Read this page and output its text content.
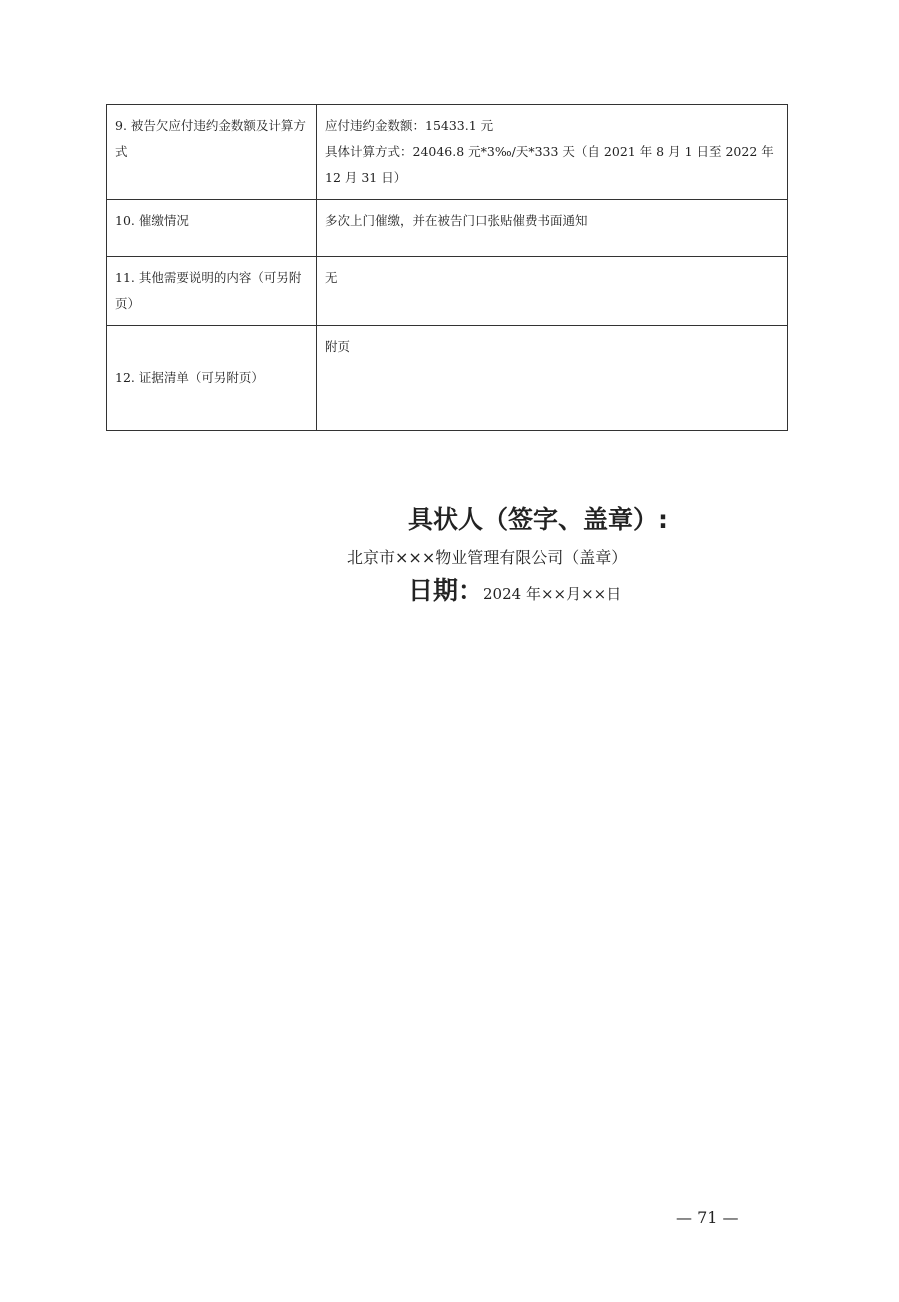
9. 被告欠应付违约金数额及计算方式	应付违约金数额：15433.1 元
具体计算方式：24046.8 元*3‰/天*333 天（自 2021 年 8 月 1 日至 2022 年 12 月 31 日）

10. 催缴情况	多次上门催缴，并在被告门口张贴催费书面通知
11. 其他需要说明的内容（可另附页）	无
12. 证据清单（可另附页）	附页
具状人（签字、盖章）:
北京市×××物业管理有限公司（盖章）
日期：2024 年××月××日
— 71 —
